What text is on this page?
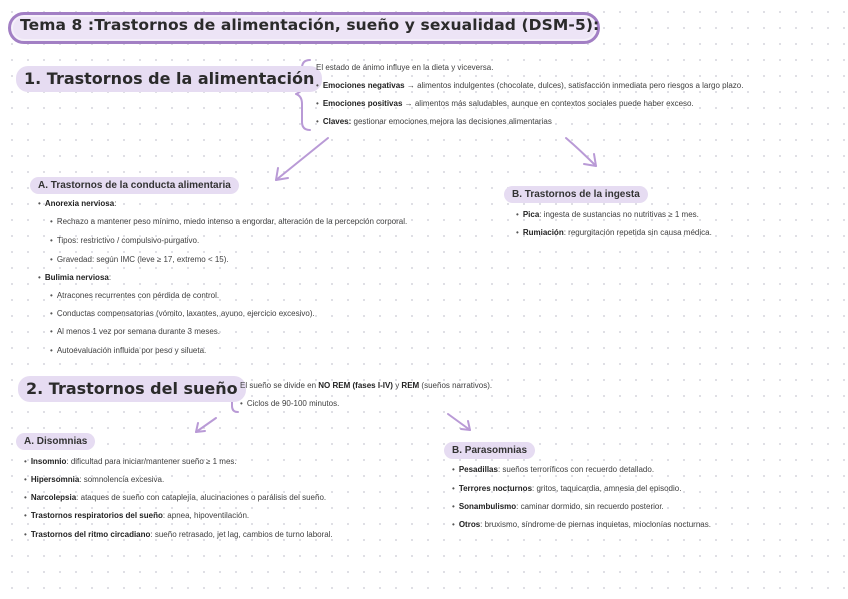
Tema 8 :Trastornos de alimentación, sueño y sexualidad (DSM-5):
1. Trastornos de la alimentación
El estado de ánimo influye en la dieta y viceversa.
• Emociones negativas → alimentos indulgentes (chocolate, dulces), satisfacción inmediata pero riesgos a largo plazo.
• Emociones positivas → alimentos más saludables, aunque en contextos sociales puede haber exceso.
• Claves: gestionar emociones mejora las decisiones alimentarias
A. Trastornos de la conducta alimentaria
• Anorexia nerviosa:
• Rechazo a mantener peso mínimo, miedo intenso a engordar, alteración de la percepción corporal.
• Tipos: restrictivo / compulsivo-purgativo.
• Gravedad: según IMC (leve ≥ 17, extremo < 15).
• Bulimia nerviosa:
• Atracones recurrentes con pérdida de control.
• Conductas compensatorias (vómito, laxantes, ayuno, ejercicio excesivo).
• Al menos 1 vez por semana durante 3 meses.
• Autoevaluación influida por peso y silueta.
B. Trastornos de la ingesta
• Pica: ingesta de sustancias no nutritivas ≥ 1 mes.
• Rumiación: regurgitación repetida sin causa médica.
2. Trastornos del sueño El sueño se divide en NO REM (fases I-IV) y REM (sueños narrativos).
• Ciclos de 90-100 minutos.
A. Disomnias
• Insomnio: dificultad para iniciar/mantener sueño ≥ 1 mes.
• Hipersomnia: somnolencia excesiva.
• Narcolepsia: ataques de sueño con cataplejía, alucinaciones o parálisis del sueño.
• Trastornos respiratorios del sueño: apnea, hipoventilación.
• Trastornos del ritmo circadiano: sueño retrasado, jet lag, cambios de turno laboral.
B. Parasomnias
• Pesadillas: sueños terroríficos con recuerdo detallado.
• Terrores nocturnos: gritos, taquicardia, amnesia del episodio.
• Sonambulismo: caminar dormido, sin recuerdo posterior.
• Otros: bruxismo, síndrome de piernas inquietas, mioclonías nocturnas.
